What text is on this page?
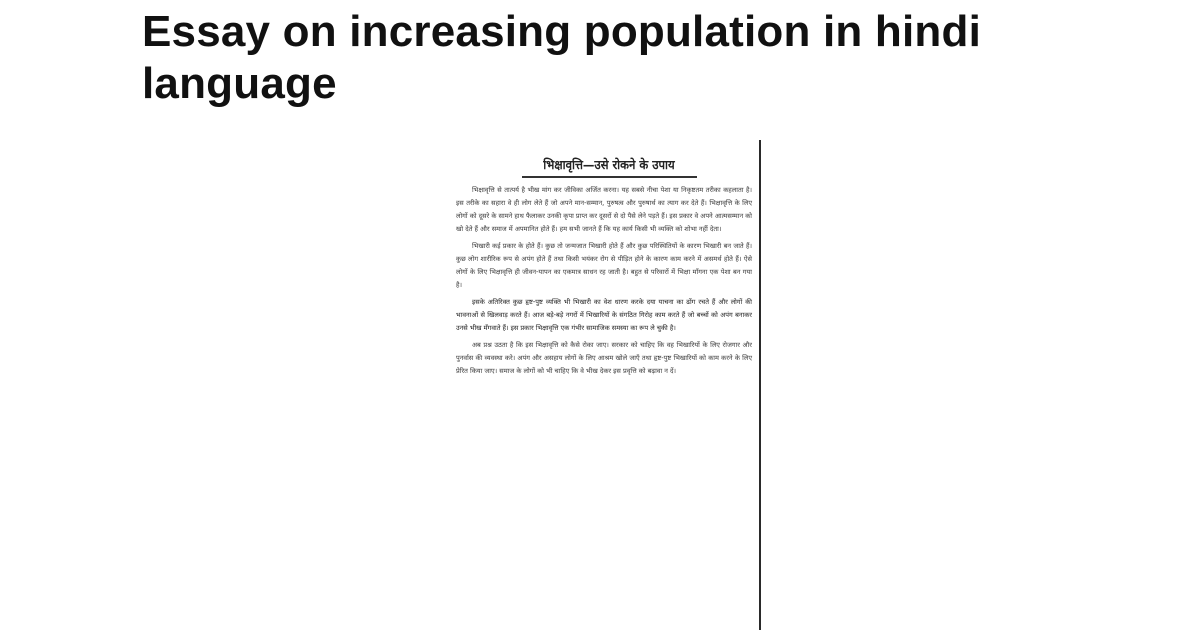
Essay on increasing population in hindi language
भिक्षावृत्ति—उसे रोकने के उपाय

भिक्षावृत्ति से तात्पर्य है भीख मांग कर जीविका अर्जित करना। यह सबसे नीचा पेशा या निकृष्टतम तरीका कहलाता है। इस तरीके का सहारा वे ही लोग लेते हैं जो अपने मान-सम्मान, पुरुषत्व और पुरुषार्थ का त्याग कर देते हैं। भिक्षावृत्ति के लिए लोगों को दूसरे के सामने हाथ फैलाकर उनकी कृपा प्राप्त कर दूसरों से दो पैसे लेने पड़ते हैं। इस प्रकार वे अपने आत्मसम्मान को खो देते हैं और समाज में अपमानित होते हैं। हम सभी जानते हैं कि यह कार्य किसी भी व्यक्ति को शोभा नहीं देता।

भिखारी कई प्रकार के होते हैं। कुछ तो जन्मजात भिखारी होते हैं और कुछ परिस्थितियों के कारण भिखारी बन जाते हैं। कुछ लोग शारीरिक रूप से अपंग होते हैं तथा किसी भयंकर रोग से पीड़ित होने के कारण काम करने में असमर्थ होते हैं। ऐसे लोगों के लिए भिक्षावृत्ति ही जीवन-यापन का एकमात्र साधन रह जाती है। बहुत से परिवारों में भिक्षा माँगना एक पेशा बन गया है।

इसके अतिरिक्त कुछ हृष्ट-पुष्ट व्यक्ति भी भिखारी का वेश धारण करके दया याचना का ढोंग रचते हैं और लोगों की भावनाओं से खिलवाड़ करते हैं। आज बड़े-बड़े नगरों में भिखारियों के संगठित गिरोह काम करते हैं जो बच्चों को अपंग बनाकर उनसे भीख मँगवाते हैं। इस प्रकार भिक्षावृत्ति एक गंभीर सामाजिक समस्या का रूप ले चुकी है।

अब प्रश्न उठता है कि इस भिक्षावृत्ति को कैसे रोका जाए। सरकार को चाहिए कि वह भिखारियों के लिए रोजगार और पुनर्वास की व्यवस्था करे। अपंग और असहाय लोगों के लिए आश्रम खोले जाएँ तथा हृष्ट-पुष्ट भिखारियों को काम करने के लिए प्रेरित किया जाए। समाज के लोगों को भी चाहिए कि वे भीख देकर इस प्रवृत्ति को बढ़ावा न दें।
